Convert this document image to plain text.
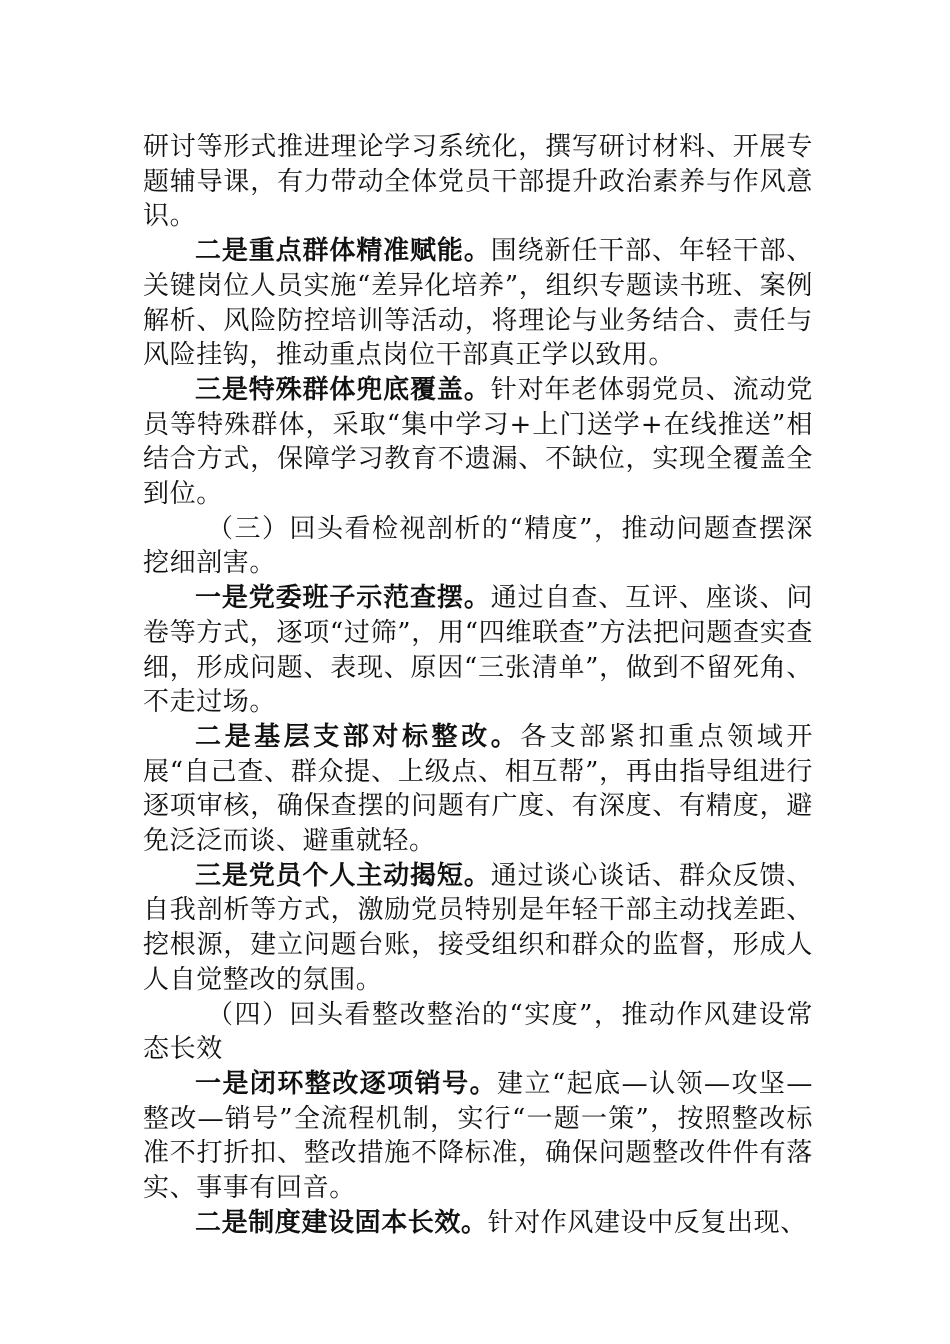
研讨等形式推进理论学习系统化，撰写研讨材料、开展专题辅导课，有力带动全体党员干部提升政治素养与作风意识。

二是重点群体精准赋能。围绕新任干部、年轻干部、关键岗位人员实施“差异化培养”，组织专题读书班、案例解析、风险防控培训等活动，将理论与业务结合、责任与风险挂钩，推动重点岗位干部真正学以致用。

三是特殊群体兜底覆盖。针对年老体弱党员、流动党员等特殊群体，采取“集中学习+上门送学+在线推送”相结合方式，保障学习教育不遗漏、不缺位，实现全覆盖全到位。

（三）回头看检视剖析的“精度”，推动问题查摆深挖细剖害。

一是党委班子示范查摆。通过自查、互评、座谈、问卷等方式，逐项“过筛”，用“四维联查”方法把问题查实查细，形成问题、表现、原因“三张清单”，做到不留死角、不走过场。

二是基层支部对标整改。各支部紧扣重点领域开展“自己查、群众提、上级点、相互帮”，再由指导组进行逐项审核，确保查摆的问题有广度、有深度、有精度，避免泛泛而谈、避重就轻。

三是党员个人主动揭短。通过谈心谈话、群众反馈、自我剖析等方式，激励党员特别是年轻干部主动找差距、挖根源，建立问题台账，接受组织和群众的监督，形成人人自觉整改的氛围。

（四）回头看整改整治的“实度”，推动作风建设常态长效

一是闭环整改逐项销号。建立“起底—认领—攻坚—整改—销号”全流程机制，实行“一题一策”，按照整改标准不打折扣、整改措施不降标准，确保问题整改件件有落实、事事有回音。

二是制度建设固本长效。针对作风建设中反复出现、
